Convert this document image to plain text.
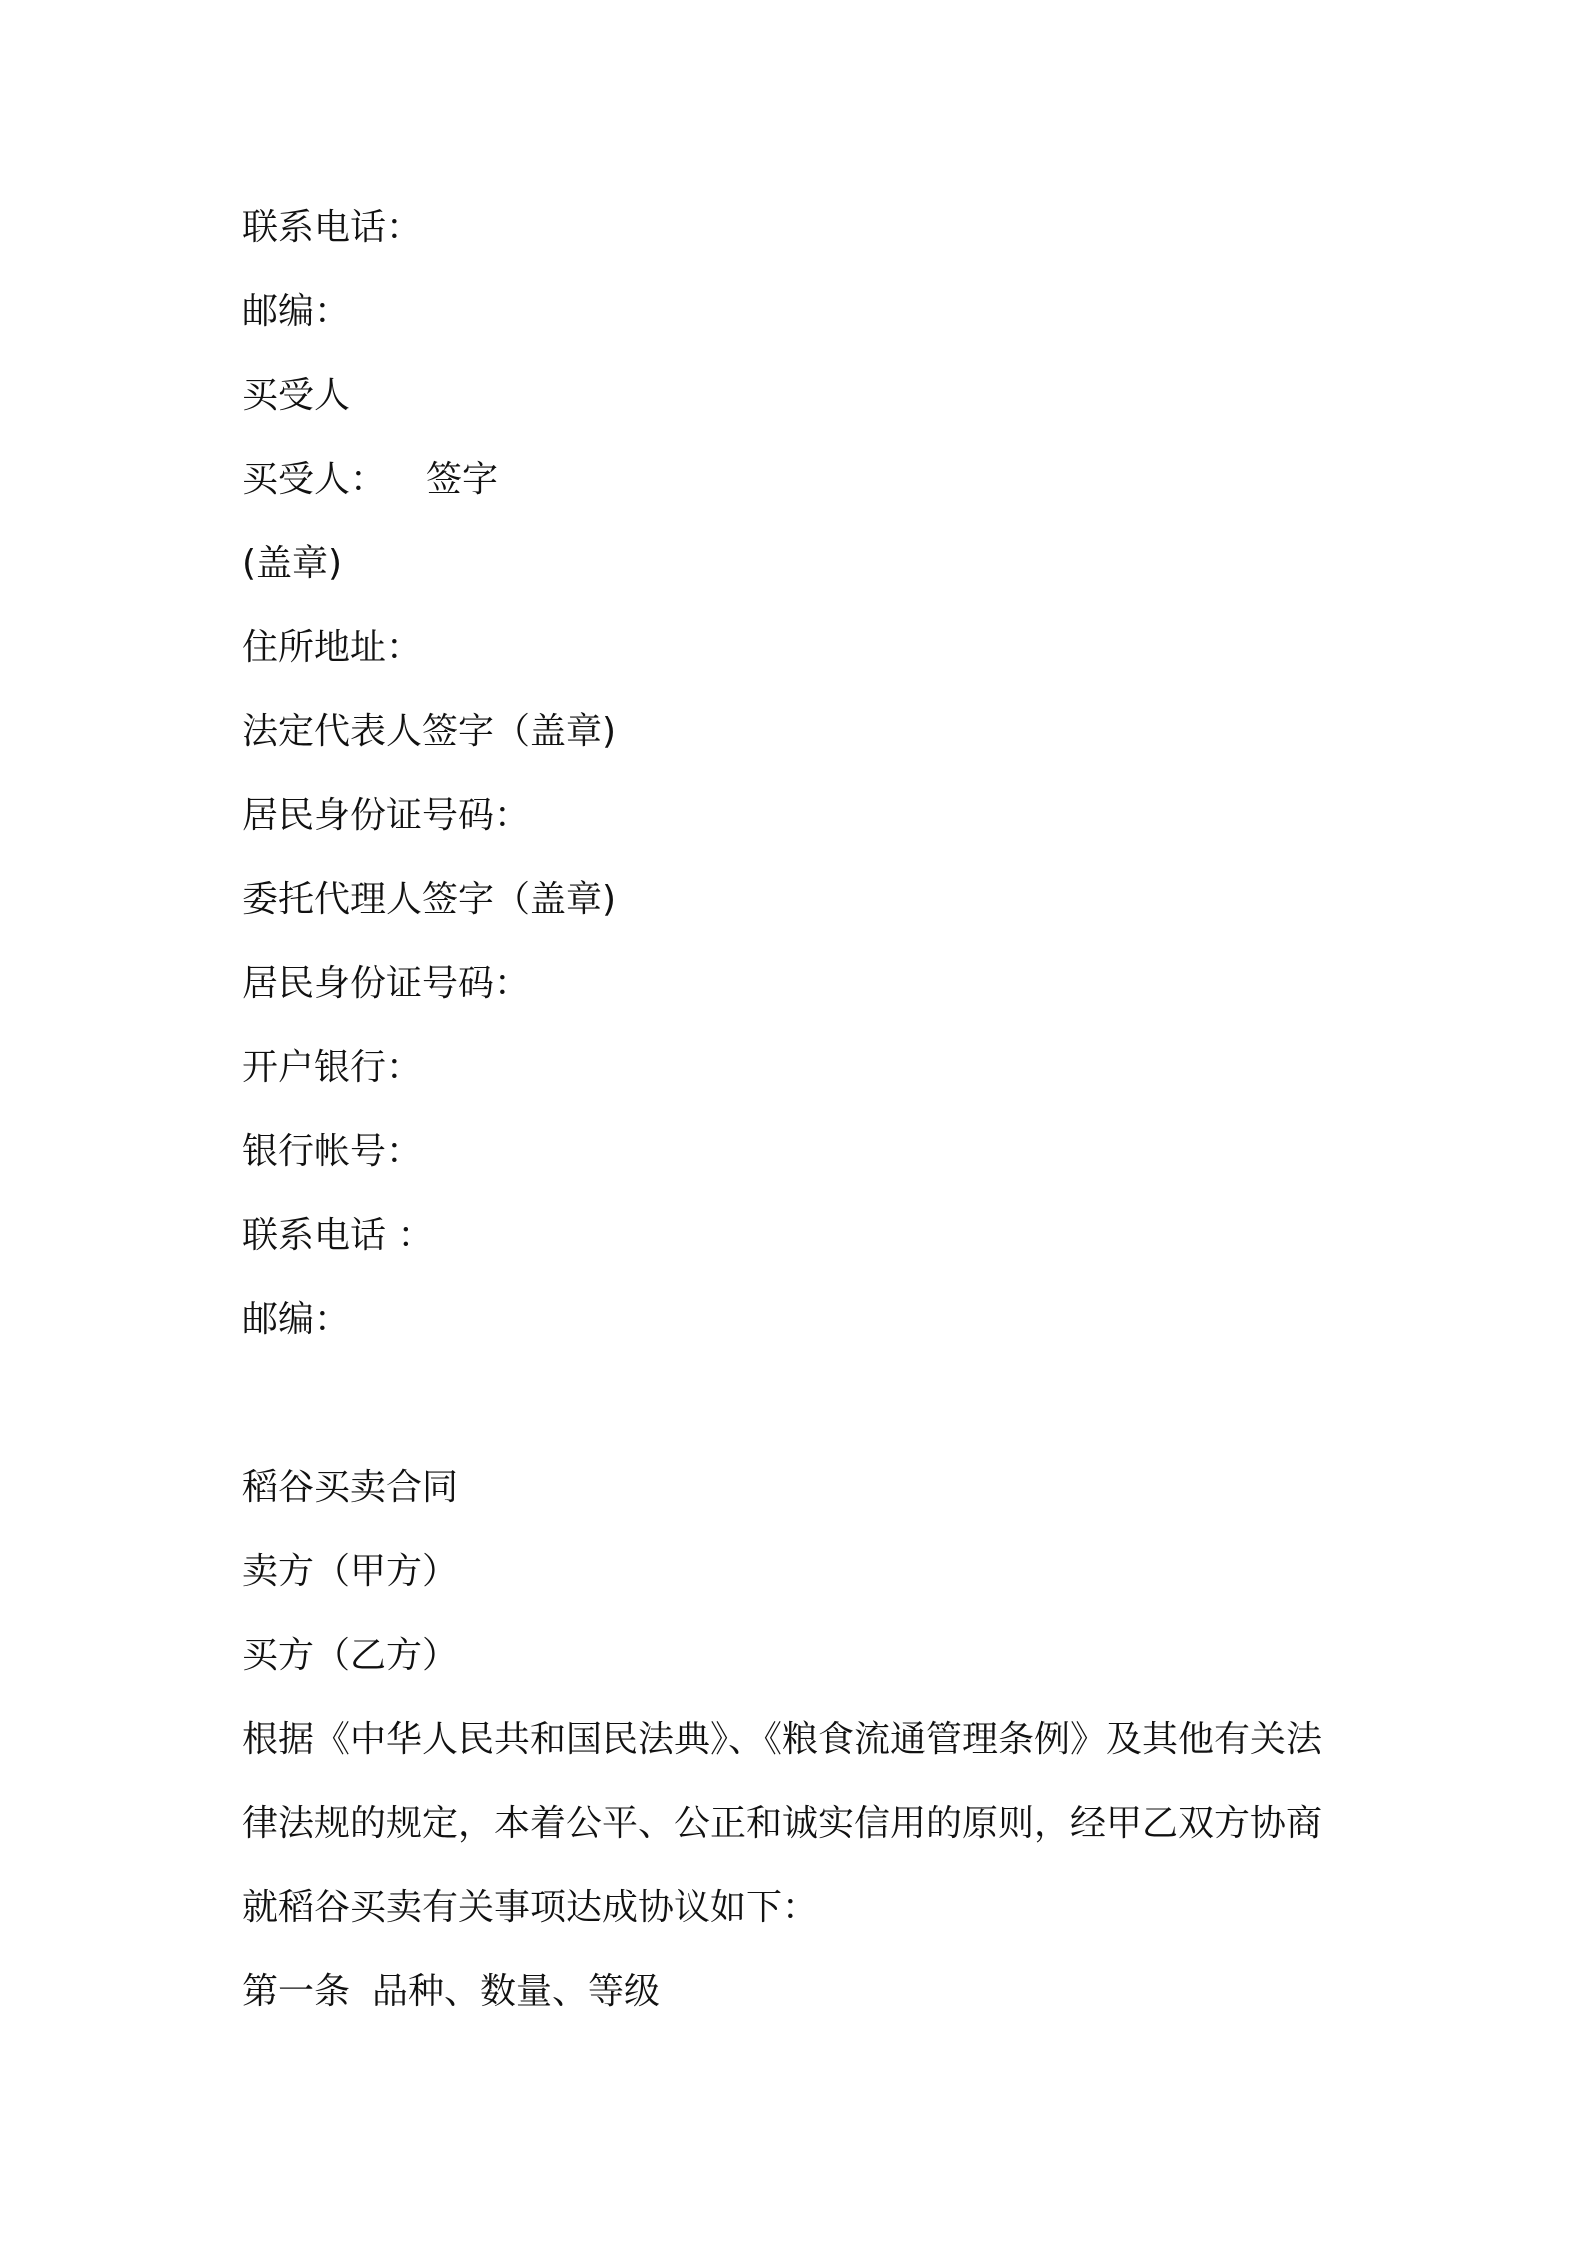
联系电话：
邮编：
买受人
买受人： 签字
(盖章)
住所地址：
法定代表人签字（盖章)
居民身份证号码：
委托代理人签字（盖章)
居民身份证号码：
开户银行：
银行帐号：
联系电话 ：
邮编：
稻谷买卖合同
卖方（甲方）
买方（乙方）
根据《中华人民共和国民法典》、《粮食流通管理条例》及其他有关法
律法规的规定，本着公平、公正和诚实信用的原则，经甲乙双方协商
就稻谷买卖有关事项达成协议如下：
第一条 品种、数量、等级
